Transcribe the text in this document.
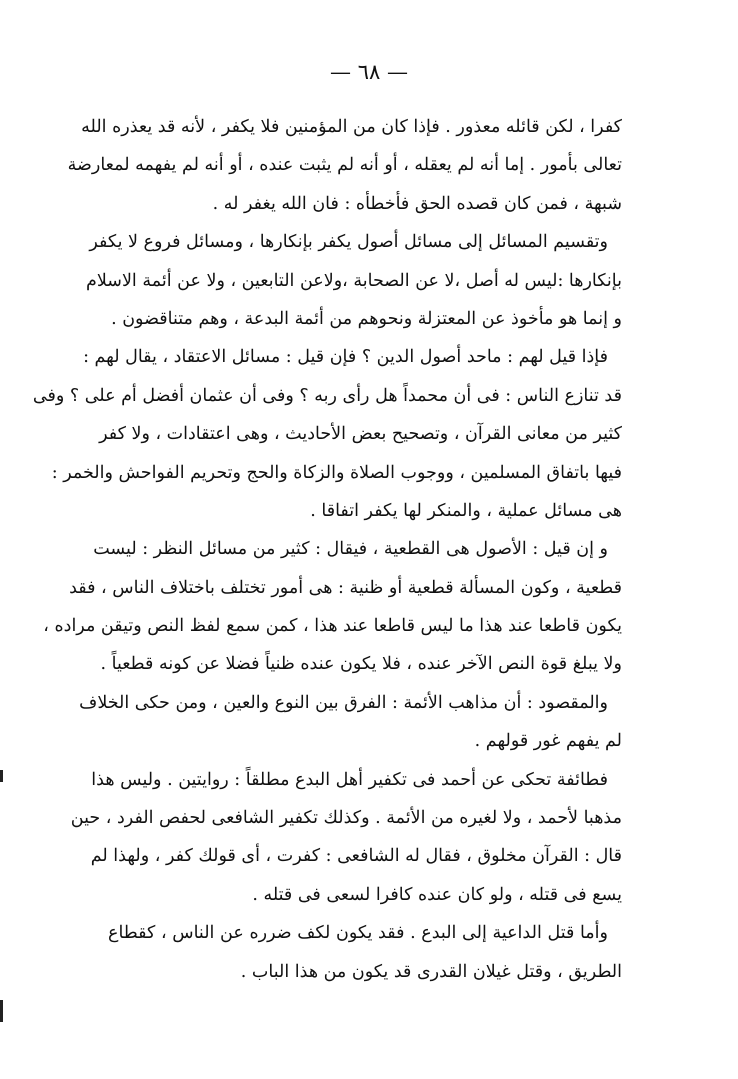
— ٦٨ —
كفرا ، لكن قائله معذور . فإذا كان من المؤمنين فلا يكفر ، لأنه قد يعذره الله
تعالى بأمور . إما أنه لم يعقله ، أو أنه لم يثبت عنده ، أو أنه لم يفهمه لمعارضة
شبهة ، فمن كان قصده الحق فأخطأه : فان الله يغفر له .
وتقسيم المسائل إلى مسائل أصول يكفر بإنكارها ، ومسائل فروع لا يكفر
بإنكارها :ليس له أصل ،لا عن الصحابة ،ولاعن التابعين ، ولا عن أئمة الاسلام
و إنما هو مأخوذ عن المعتزلة ونحوهم من أئمة البدعة ، وهم متناقضون .
فإذا قيل لهم : ماحد أصول الدين ؟ فإن قيل : مسائل الاعتقاد ، يقال لهم :
قد تنازع الناس : فى أن محمداً هل رأى ربه ؟ وفى أن عثمان أفضل أم على ؟ وفى
كثير من معانى القرآن ، وتصحيح بعض الأحاديث ، وهى اعتقادات ، ولا كفر
فيها باتفاق المسلمين ، ووجوب الصلاة والزكاة والحج وتحريم الفواحش والخمر :
هى مسائل عملية ، والمنكر لها يكفر اتفاقا .
و إن قيل : الأصول هى القطعية ، فيقال : كثير من مسائل النظر : ليست
قطعية ، وكون المسألة قطعية أو ظنية : هى أمور تختلف باختلاف الناس ، فقد
يكون قاطعا عند هذا ما ليس قاطعا عند هذا ، كمن سمع لفظ النص وتيقن مراده ،
ولا يبلغ قوة النص الآخر عنده ، فلا يكون عنده ظنياً فضلا عن كونه قطعياً .
والمقصود : أن مذاهب الأئمة : الفرق بين النوع والعين ، ومن حكى الخلاف
لم يفهم غور قولهم .
فطائفة تحكى عن أحمد فى تكفير أهل البدع مطلقاً : روايتين . وليس هذا
مذهبا لأحمد ، ولا لغيره من الأئمة . وكذلك تكفير الشافعى لحفص الفرد ، حين
قال : القرآن مخلوق ، فقال له الشافعى : كفرت ، أى قولك كفر ، ولهذا لم
يسع فى قتله ، ولو كان عنده كافرا لسعى فى قتله .
وأما قتل الداعية إلى البدع . فقد يكون لكف ضرره عن الناس ، كقطاع
الطريق ، وقتل غيلان القدرى قد يكون من هذا الباب .
